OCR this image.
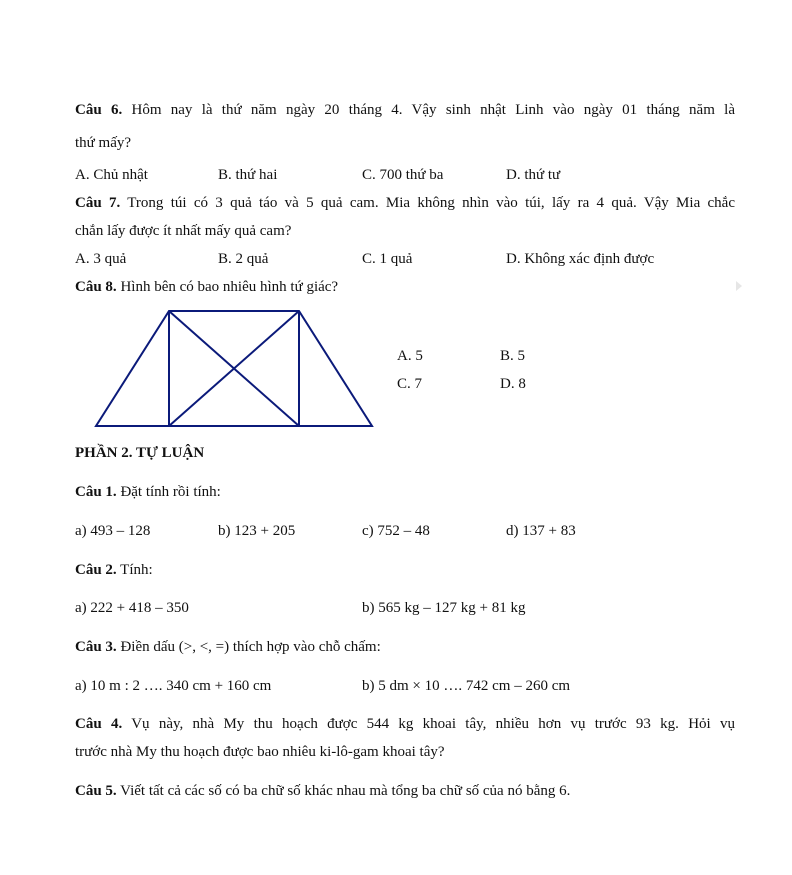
Câu 6. Hôm nay là thứ năm ngày 20 tháng 4. Vậy sinh nhật Linh vào ngày 01 tháng năm là
thứ mấy?
A. Chủ nhật	B. thứ hai	C. 700 thứ ba	D. thứ tư
Câu 7. Trong túi có 3 quả táo và 5 quả cam. Mia không nhìn vào túi, lấy ra 4 quả. Vậy Mia chắc
chắn lấy được ít nhất mấy quả cam?
A. 3 quả	B. 2 quả	C. 1 quả	D. Không xác định được
Câu 8. Hình bên có bao nhiêu hình tứ giác?
A. 5	B. 5
C. 7	D. 8
PHẦN 2. TỰ LUẬN
Câu 1. Đặt tính rồi tính:
a) 493 – 128	b) 123 + 205	c) 752 – 48	d) 137 + 83
Câu 2. Tính:
a) 222 + 418 – 350	b) 565 kg – 127 kg + 81 kg
Câu 3. Điền dấu (>, <, =) thích hợp vào chỗ chấm:
a) 10 m : 2 …. 340 cm + 160 cm	b) 5 dm × 10 …. 742 cm – 260 cm
Câu 4. Vụ này, nhà My thu hoạch được 544 kg khoai tây, nhiều hơn vụ trước 93 kg. Hỏi vụ
trước nhà My thu hoạch được bao nhiêu ki-lô-gam khoai tây?
Câu 5. Viết tất cả các số có ba chữ số khác nhau mà tổng ba chữ số của nó bằng 6.
